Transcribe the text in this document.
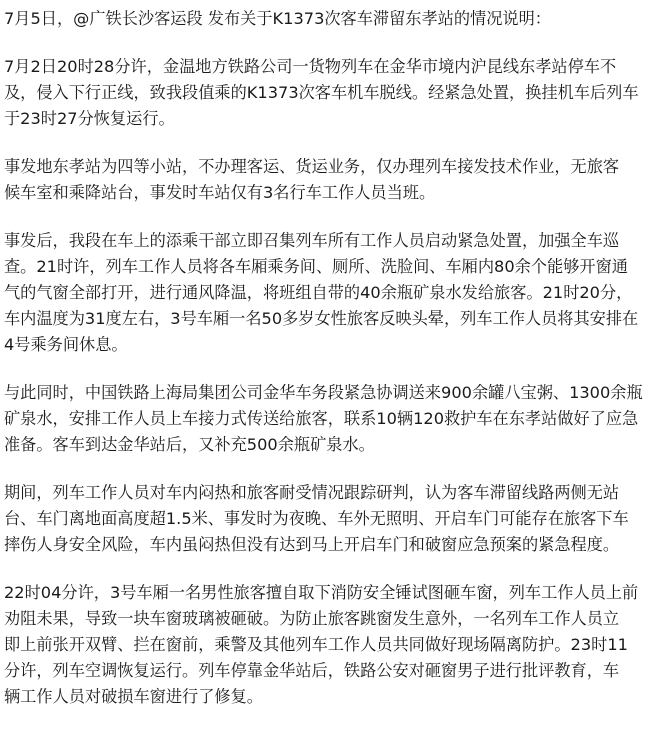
7月5日，@广铁长沙客运段 发布关于K1373次客车滞留东孝站的情况说明：
7月2日20时28分许，金温地方铁路公司一货物列车在金华市境内沪昆线东孝站停车不
及，侵入下行正线，致我段值乘的K1373次客车机车脱线。经紧急处置，换挂机车后列车
于23时27分恢复运行。
事发地东孝站为四等小站，不办理客运、货运业务，仅办理列车接发技术作业，无旅客
候车室和乘降站台，事发时车站仅有3名行车工作人员当班。
事发后，我段在车上的添乘干部立即召集列车所有工作人员启动紧急处置，加强全车巡
查。21时许，列车工作人员将各车厢乘务间、厕所、洗脸间、车厢内80余个能够开窗通
气的气窗全部打开，进行通风降温，将班组自带的40余瓶矿泉水发给旅客。21时20分，
车内温度为31度左右，3号车厢一名50多岁女性旅客反映头晕，列车工作人员将其安排在
4号乘务间休息。
与此同时，中国铁路上海局集团公司金华车务段紧急协调送来900余罐八宝粥、1300余瓶
矿泉水，安排工作人员上车接力式传送给旅客，联系10辆120救护车在东孝站做好了应急
准备。客车到达金华站后，又补充500余瓶矿泉水。
期间，列车工作人员对车内闷热和旅客耐受情况跟踪研判，认为客车滞留线路两侧无站
台、车门离地面高度超1.5米、事发时为夜晚、车外无照明、开启车门可能存在旅客下车
摔伤人身安全风险，车内虽闷热但没有达到马上开启车门和破窗应急预案的紧急程度。
22时04分许，3号车厢一名男性旅客擅自取下消防安全锤试图砸车窗，列车工作人员上前
劝阻未果，导致一块车窗玻璃被砸破。为防止旅客跳窗发生意外，一名列车工作人员立
即上前张开双臂、拦在窗前，乘警及其他列车工作人员共同做好现场隔离防护。23时11
分许，列车空调恢复运行。列车停靠金华站后，铁路公安对砸窗男子进行批评教育，车
辆工作人员对破损车窗进行了修复。
